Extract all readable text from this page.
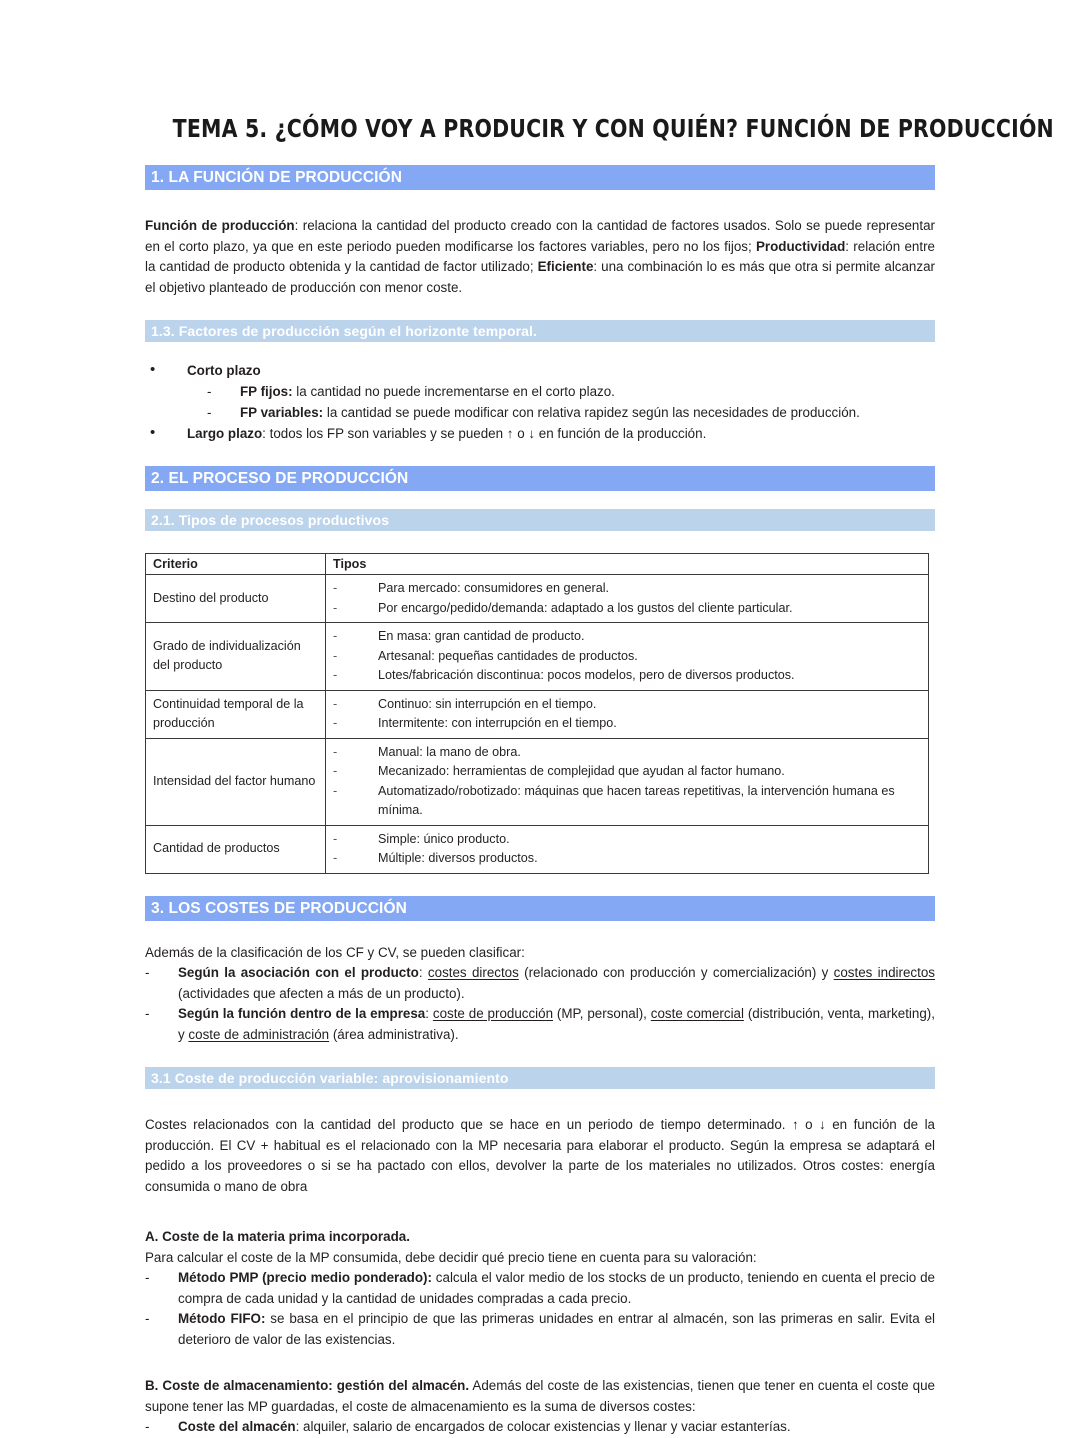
TEMA 5. ¿CÓMO VOY A PRODUCIR Y CON QUIÉN? FUNCIÓN DE PRODUCCIÓN
1. LA FUNCIÓN DE PRODUCCIÓN

Función de producción: relaciona la cantidad del producto creado con la cantidad de factores usados. Solo se puede representar en el corto plazo, ya que en este periodo pueden modificarse los factores variables, pero no los fijos; Productividad: relación entre la cantidad de producto obtenida y la cantidad de factor utilizado; Eficiente: una combinación lo es más que otra si permite alcanzar el objetivo planteado de producción con menor coste.

1.3. Factores de producción según el horizonte temporal.
• Corto plazo
- FP fijos: la cantidad no puede incrementarse en el corto plazo.
- FP variables: la cantidad se puede modificar con relativa rapidez según las necesidades de producción.
• Largo plazo: todos los FP son variables y se pueden ↑ o ↓ en función de la producción.
2. EL PROCESO DE PRODUCCIÓN
2.1. Tipos de procesos productivos
Criterio	Tipos
Destino del producto	
-	Para mercado: consumidores en general.
-	Por encargo/pedido/demanda: adaptado a los gustos del cliente particular.

Grado de individualización del producto	
-	En masa: gran cantidad de producto.
-	Artesanal: pequeñas cantidades de productos.
-	Lotes/fabricación discontinua: pocos modelos, pero de diversos productos.

Continuidad temporal de la producción	
-	Continuo: sin interrupción en el tiempo.
-	Intermitente: con interrupción en el tiempo.

Intensidad del factor humano	
-	Manual: la mano de obra.
-	Mecanizado: herramientas de complejidad que ayudan al factor humano.
-	Automatizado/robotizado: máquinas que hacen tareas repetitivas, la intervención humana es mínima.

Cantidad de productos	
-	Simple: único producto.
-	Múltiple: diversos productos.
3. LOS COSTES DE PRODUCCIÓN

Además de la clasificación de los CF y CV, se pueden clasificar:

- Según la asociación con el producto: costes directos (relacionado con producción y comercialización) y costes indirectos (actividades que afecten a más de un producto).
- Según la función dentro de la empresa: coste de producción (MP, personal), coste comercial (distribución, venta, marketing), y coste de administración (área administrativa).
3.1 Coste de producción variable: aprovisionamiento

Costes relacionados con la cantidad del producto que se hace en un periodo de tiempo determinado. ↑ o ↓ en función de la producción. El CV + habitual es el relacionado con la MP necesaria para elaborar el producto. Según la empresa se adaptará el pedido a los proveedores o si se ha pactado con ellos, devolver la parte de los materiales no utilizados. Otros costes: energía consumida o mano de obra

A. Coste de la materia prima incorporada.

Para calcular el coste de la MP consumida, debe decidir qué precio tiene en cuenta para su valoración:

- Método PMP (precio medio ponderado): calcula el valor medio de los stocks de un producto, teniendo en cuenta el precio de compra de cada unidad y la cantidad de unidades compradas a cada precio.
- Método FIFO: se basa en el principio de que las primeras unidades en entrar al almacén, son las primeras en salir. Evita el deterioro de valor de las existencias.

B. Coste de almacenamiento: gestión del almacén. Además del coste de las existencias, tienen que tener en cuenta el coste que supone tener las MP guardadas, el coste de almacenamiento es la suma de diversos costes:

- Coste del almacén: alquiler, salario de encargados de colocar existencias y llenar y vaciar estanterías.
